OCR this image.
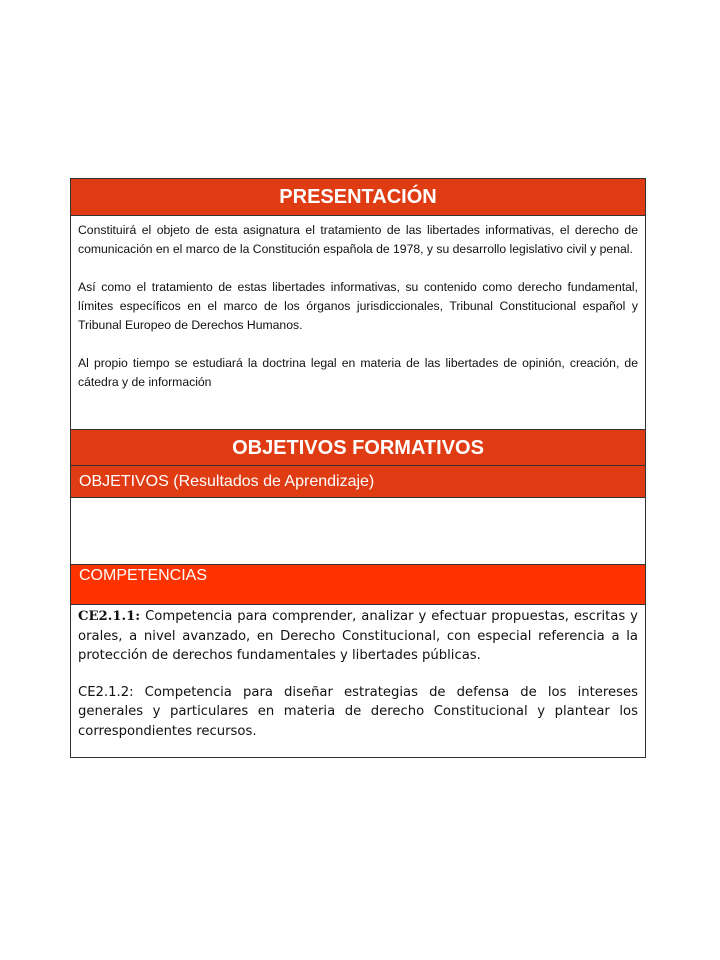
PRESENTACIÓN

Constituirá el objeto de esta asignatura el tratamiento de las libertades informativas, el derecho de comunicación en el marco de la Constitución española de 1978, y su desarrollo legislativo civil y penal.

Así como el tratamiento de estas libertades informativas, su contenido como derecho fundamental, límites específicos en el marco de los órganos jurisdiccionales, Tribunal Constitucional español y Tribunal Europeo de Derechos Humanos.

Al propio tiempo se estudiará la doctrina legal en materia de las libertades de opinión, creación, de cátedra y de información

OBJETIVOS FORMATIVOS
OBJETIVOS (Resultados de Aprendizaje)
COMPETENCIAS

CE2.1.1: Competencia para comprender, analizar y efectuar propuestas, escritas y orales, a nivel avanzado, en Derecho Constitucional, con especial referencia a la protección de derechos fundamentales y libertades públicas.

CE2.1.2: Competencia para diseñar estrategias de defensa de los intereses generales y particulares en materia de derecho Constitucional y plantear los correspondientes recursos.
